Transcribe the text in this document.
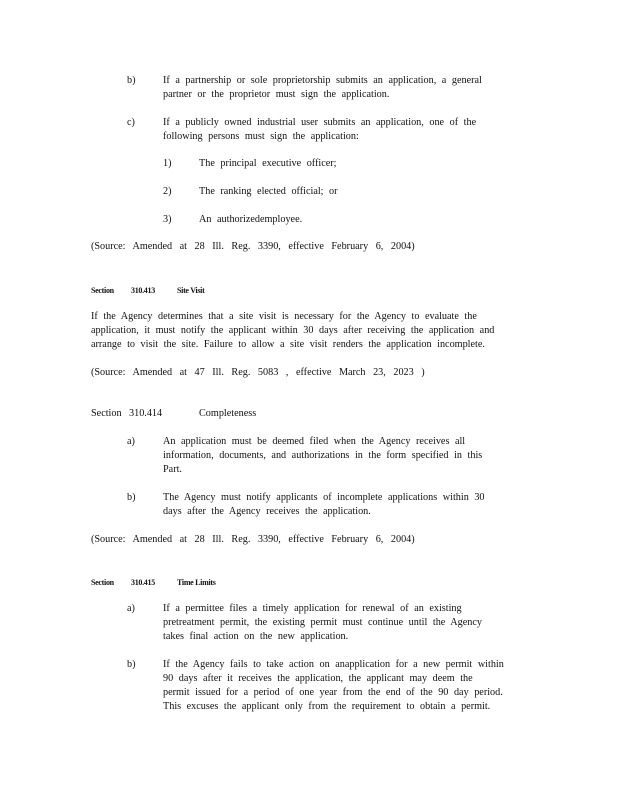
b)	If a partnership or sole proprietorship submits an application, a general
partner or the proprietor must sign the application.
c)	If a publicly owned industrial user submits an application, one of the
following persons must sign the application:
1)	The principal executive officer;
2)	The ranking elected official; or
3)	An authorizedemployee.
(Source: Amended at 28 Ill. Reg. 3390, effective February 6, 2004)
Section 310.413	Site Visit
If the Agency determines that a site visit is necessary for the Agency to evaluate the
application, it must notify the applicant within 30 days after receiving the application and
arrange to visit the site. Failure to allow a site visit renders the application incomplete.
(Source: Amended at 47 Ill. Reg. 5083 , effective March 23, 2023 )
Section 310.414	Completeness
a)	An application must be deemed filed when the Agency receives all
information, documents, and authorizations in the form specified in this
Part.
b)	The Agency must notify applicants of incomplete applications within 30
days after the Agency receives the application.
(Source: Amended at 28 Ill. Reg. 3390, effective February 6, 2004)
Section 310.415	Time Limits
a)	If a permittee files a timely application for renewal of an existing
pretreatment permit, the existing permit must continue until the Agency
takes final action on the new application.
b)	If the Agency fails to take action on anapplication for a new permit within
90 days after it receives the application, the applicant may deem the
permit issued for a period of one year from the end of the 90 day period.
This excuses the applicant only from the requirement to obtain a permit.
